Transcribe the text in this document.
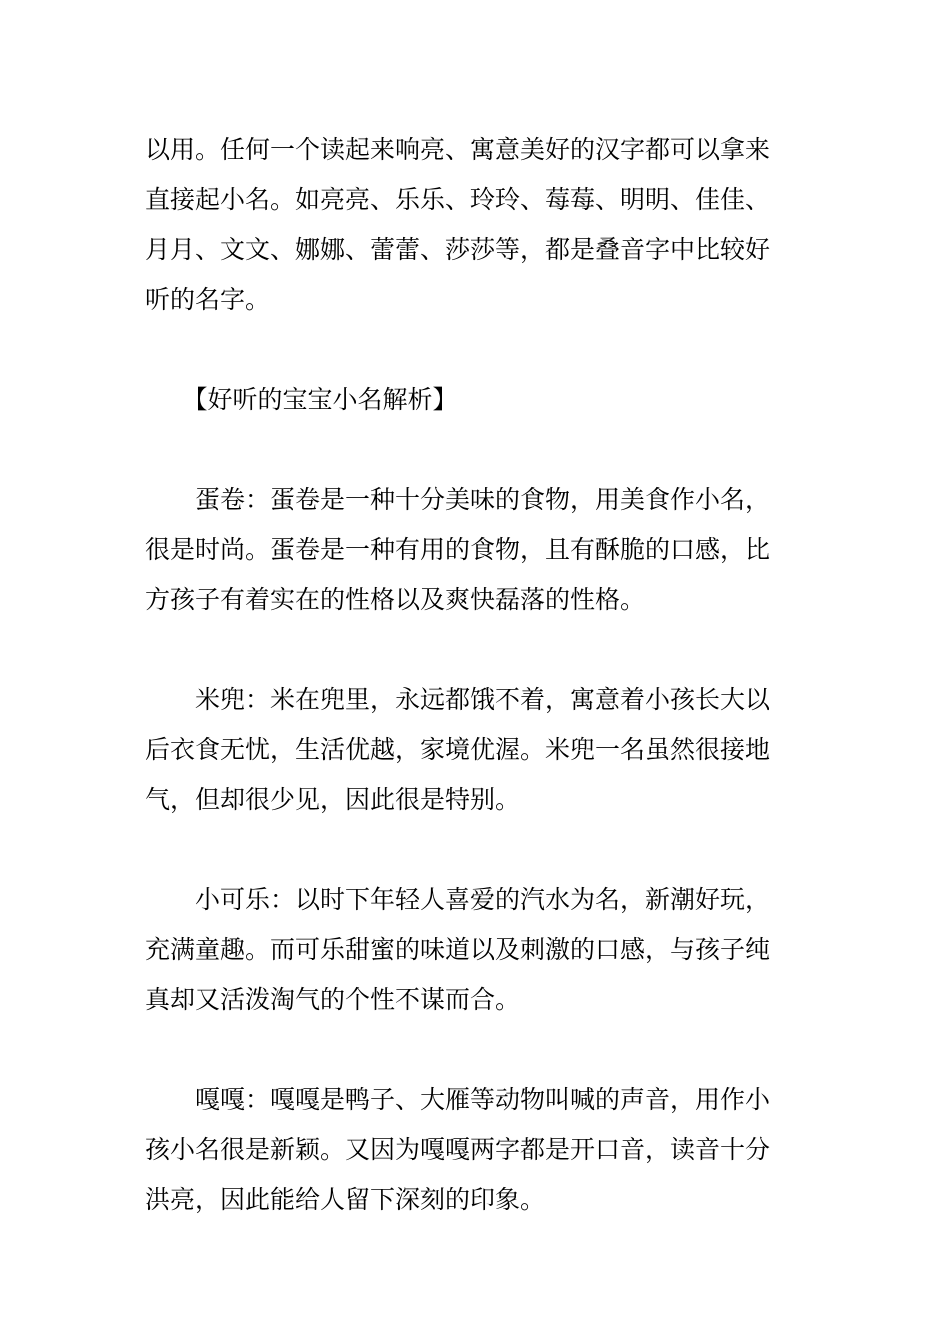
以用。任何一个读起来响亮、寓意美好的汉字都可以拿来
直接起小名。如亮亮、乐乐、玲玲、莓莓、明明、佳佳、
月月、文文、娜娜、蕾蕾、莎莎等，都是叠音字中比较好
听的名字。
　　【好听的宝宝小名解析】
　　蛋卷：蛋卷是一种十分美味的食物，用美食作小名，
很是时尚。蛋卷是一种有用的食物，且有酥脆的口感，比
方孩子有着实在的性格以及爽快磊落的性格。
　　米兜：米在兜里，永远都饿不着，寓意着小孩长大以
后衣食无忧，生活优越，家境优渥。米兜一名虽然很接地
气，但却很少见，因此很是特别。
　　小可乐：以时下年轻人喜爱的汽水为名，新潮好玩，
充满童趣。而可乐甜蜜的味道以及刺激的口感，与孩子纯
真却又活泼淘气的个性不谋而合。
　　嘎嘎：嘎嘎是鸭子、大雁等动物叫喊的声音，用作小
孩小名很是新颖。又因为嘎嘎两字都是开口音，读音十分
洪亮，因此能给人留下深刻的印象。
